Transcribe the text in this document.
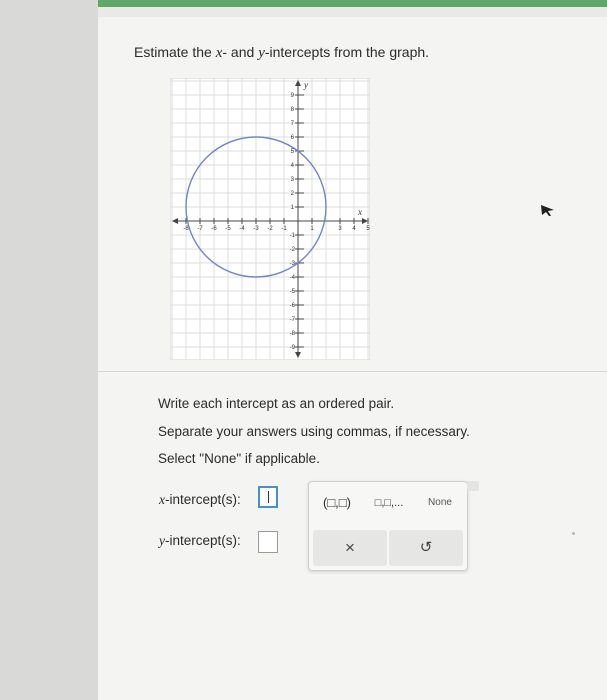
Estimate the x- and y-intercepts from the graph.
-8 -7 -6 -5 -4 -3 -2 -1	1	3 4 5
9
8
7
6
5
4
3
2
1
-1
-2
-3
-4
-5
-6
-7
-8
-9
x
y
Write each intercept as an ordered pair.
Separate your answers using commas, if necessary.
Select "None" if applicable.
x-intercept(s):
y-intercept(s):
(□,□)	□,□,...	None
×	↺
